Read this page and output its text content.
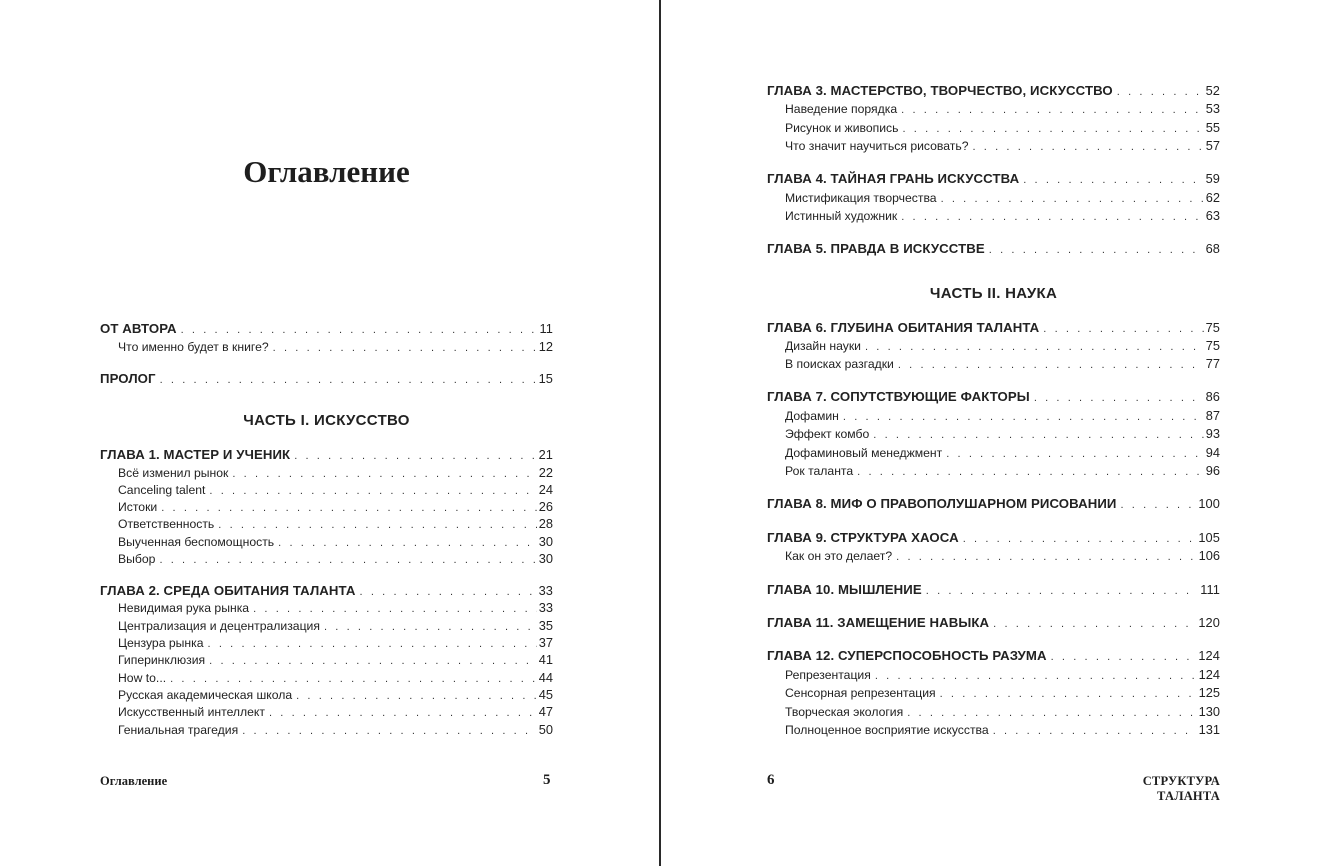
Оглавление
ОТ АВТОРА . . .	11
Что именно будет в книге? . . .	12
ПРОЛОГ . . .	15
ЧАСТЬ I. ИСКУССТВО
ГЛАВА 1. МАСТЕР И УЧЕНИК . . .	21
Всё изменил рынок . . .	22
Canceling talent . . .	24
Истоки . . .	26
Ответственность . . .	28
Выученная беспомощность . . .	30
Выбор . . .	30
ГЛАВА 2. СРЕДА ОБИТАНИЯ ТАЛАНТА . . .	33
Невидимая рука рынка . . .	33
Централизация и децентрализация . . .	35
Цензура рынка . . .	37
Гиперинклюзия . . .	41
How to... . . .	44
Русская академическая школа . . .	45
Искусственный интеллект . . .	47
Гениальная трагедия . . .	50
Оглавление	5
ГЛАВА 3. МАСТЕРСТВО, ТВОРЧЕСТВО, ИСКУССТВО . . .	52
Наведение порядка . . .	53
Рисунок и живопись . . .	55
Что значит научиться рисовать? . . .	57
ГЛАВА 4. ТАЙНАЯ ГРАНЬ ИСКУССТВА . . .	59
Мистификация творчества . . .	62
Истинный художник . . .	63
ГЛАВА 5. ПРАВДА В ИСКУССТВЕ . . .	68
ЧАСТЬ II. НАУКА
ГЛАВА 6. ГЛУБИНА ОБИТАНИЯ ТАЛАНТА . . .	75
Дизайн науки . . .	75
В поисках разгадки . . .	77
ГЛАВА 7. СОПУТСТВУЮЩИЕ ФАКТОРЫ . . .	86
Дофамин . . .	87
Эффект комбо . . .	93
Дофаминовый менеджмент . . .	94
Рок таланта . . .	96
ГЛАВА 8. МИФ О ПРАВОПОЛУШАРНОМ РИСОВАНИИ . . .	100
ГЛАВА 9. СТРУКТУРА ХАОСА . . .	105
Как он это делает? . . .	106
ГЛАВА 10. МЫШЛЕНИЕ . . .	111
ГЛАВА 11. ЗАМЕЩЕНИЕ НАВЫКА . . .	120
ГЛАВА 12. СУПЕРСПОСОБНОСТЬ РАЗУМА . . .	124
Репрезентация . . .	124
Сенсорная репрезентация . . .	125
Творческая экология . . .	130
Полноценное восприятие искусства . . .	131
6	СТРУКТУРА ТАЛАНТА
